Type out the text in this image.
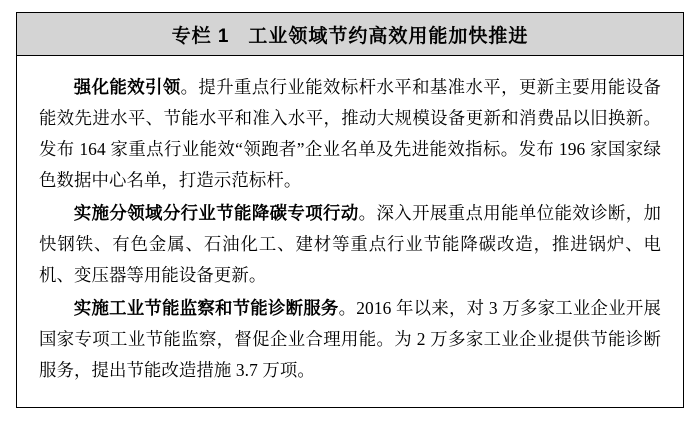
专栏 1   工业领域节约高效用能加快推进

强化能效引领。提升重点行业能效标杆水平和基准水平，更新主要用能设备能效先进水平、节能水平和准入水平，推动大规模设备更新和消费品以旧换新。发布 164 家重点行业能效“领跑者”企业名单及先进能效指标。发布 196 家国家绿色数据中心名单，打造示范标杆。

实施分领域分行业节能降碳专项行动。深入开展重点用能单位能效诊断，加快钢铁、有色金属、石油化工、建材等重点行业节能降碳改造，推进锅炉、电机、变压器等用能设备更新。

实施工业节能监察和节能诊断服务。2016 年以来，对 3 万多家工业企业开展国家专项工业节能监察，督促企业合理用能。为 2 万多家工业企业提供节能诊断服务，提出节能改造措施 3.7 万项。
